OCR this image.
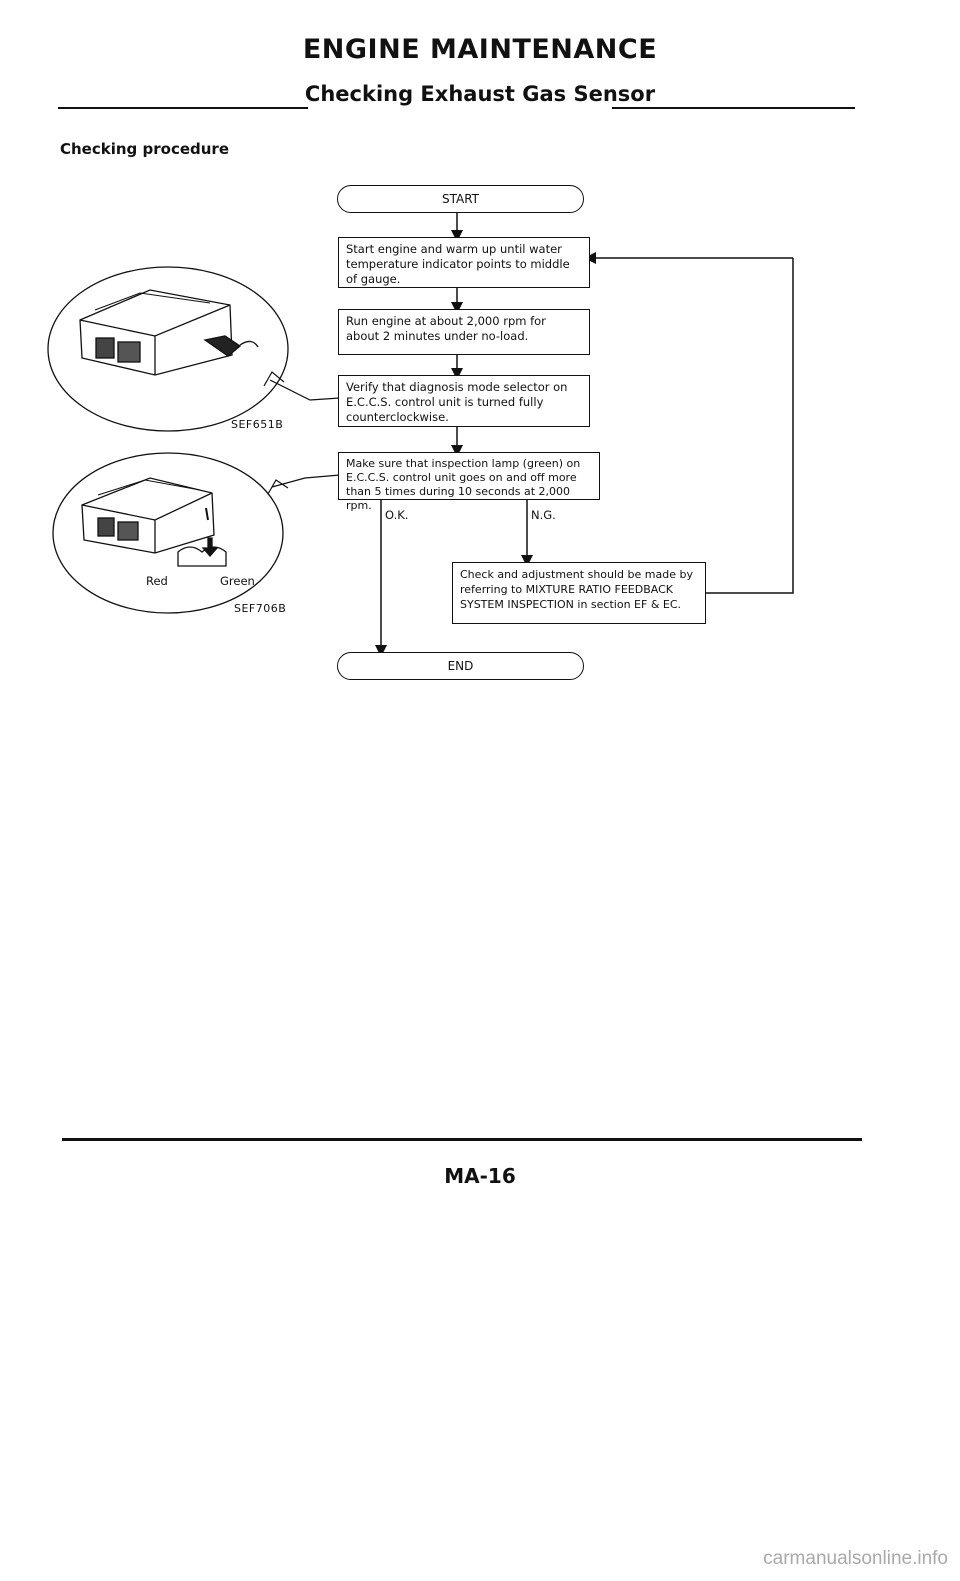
ENGINE MAINTENANCE
Checking Exhaust Gas Sensor
Checking procedure
START
Start engine and warm up until water temperature indicator points to middle of gauge.
Run engine at about 2,000 rpm for about 2 minutes under no-load.
Verify that diagnosis mode selector on E.C.C.S. control unit is turned fully counterclockwise.
Make sure that inspection lamp (green) on E.C.C.S. control unit goes on and off more than 5 times during 10 seconds at 2,000 rpm.
O.K.	N.G.
Check and adjustment should be made by referring to MIXTURE RATIO FEEDBACK SYSTEM INSPECTION in section EF & EC.
END
SEF651B
Red	Green
SEF706B
MA-16
carmanualsonline.info
